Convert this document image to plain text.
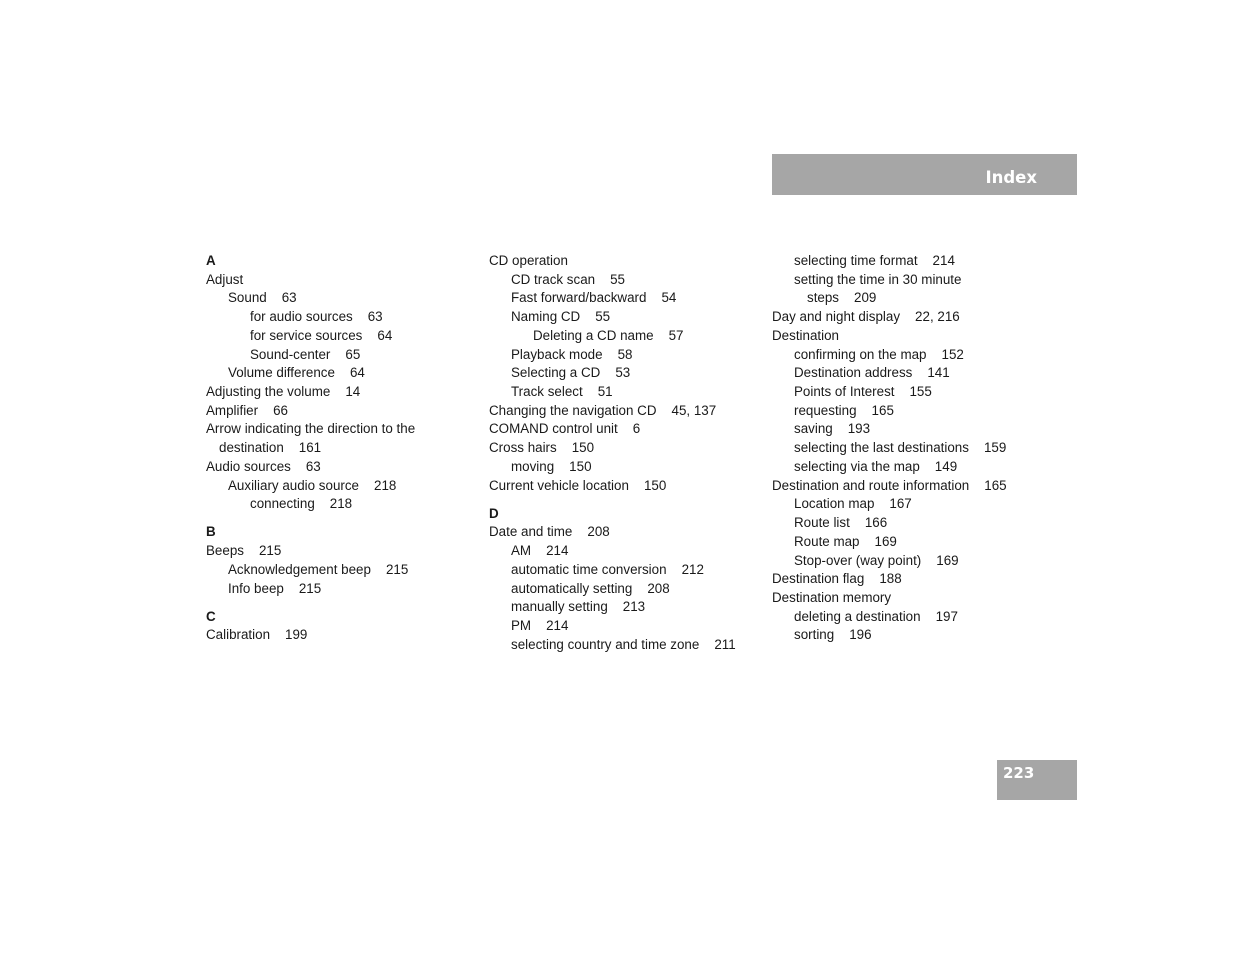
Index
A
Adjust
Sound 63
for audio sources 63
for service sources 64
Sound-center 65
Volume difference 64
Adjusting the volume 14
Amplifier 66
Arrow indicating the direction to the
destination 161
Audio sources 63
Auxiliary audio source 218
connecting 218
B
Beeps 215
Acknowledgement beep 215
Info beep 215
C
Calibration 199
CD operation
CD track scan 55
Fast forward/backward 54
Naming CD 55
Deleting a CD name 57
Playback mode 58
Selecting a CD 53
Track select 51
Changing the navigation CD 45, 137
COMAND control unit 6
Cross hairs 150
moving 150
Current vehicle location 150
D
Date and time 208
AM 214
automatic time conversion 212
automatically setting 208
manually setting 213
PM 214
selecting country and time zone 211
selecting time format 214
setting the time in 30 minute
steps 209
Day and night display 22, 216
Destination
confirming on the map 152
Destination address 141
Points of Interest 155
requesting 165
saving 193
selecting the last destinations 159
selecting via the map 149
Destination and route information 165
Location map 167
Route list 166
Route map 169
Stop-over (way point) 169
Destination flag 188
Destination memory
deleting a destination 197
sorting 196
223
